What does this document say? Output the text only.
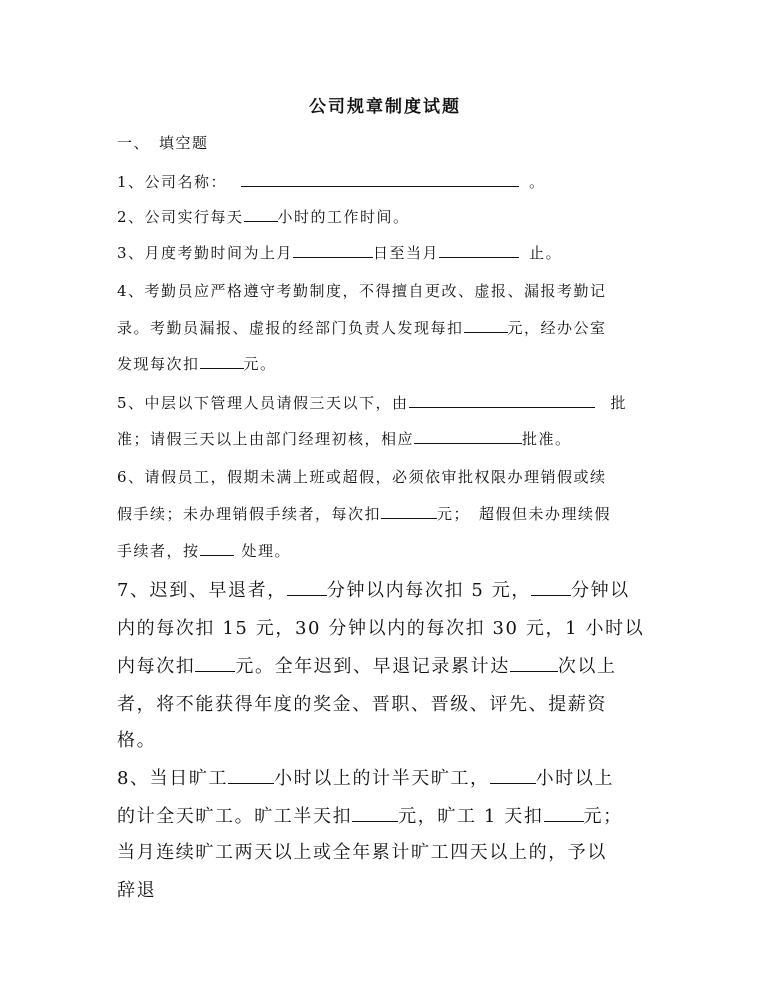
公司规章制度试题
一、　填空题
1、公司名称：	。
2、公司实行每天 小时的工作时间。
3、月度考勤时间为上月	日至当月	止。
4、考勤员应严格遵守考勤制度，不得擅自更改、虚报、漏报考勤记
录。考勤员漏报、虚报的经部门负责人发现每扣	元，经办公室
发现每次扣	元。
5、中层以下管理人员请假三天以下，由	批
准；请假三天以上由部门经理初核，相应	批准。
6、请假员工，假期未满上班或超假，必须依审批权限办理销假或续
假手续；未办理销假手续者，每次扣	元；　超假但未办理续假
手续者，按	处理。
7、迟到、早退者， 分钟以内每次扣 5 元， 分钟以
内的每次扣 15 元，30 分钟以内的每次扣 30 元，1 小时以
内每次扣 元。全年迟到、早退记录累计达	次以上
者，将不能获得年度的奖金、晋职、晋级、评先、提薪资
格。
8、当日旷工	小时以上的计半天旷工，	小时以上
的计全天旷工。旷工半天扣	元，旷工 1 天扣 元；
当月连续旷工两天以上或全年累计旷工四天以上的，予以
辞退
